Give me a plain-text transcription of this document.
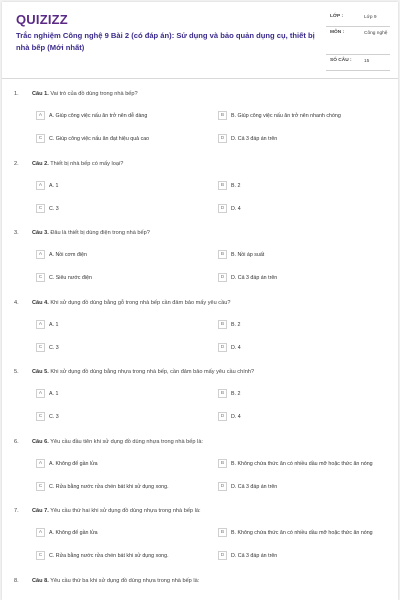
QUIZIZZ
Trắc nghiệm Công nghệ 9 Bài 2 (có đáp án): Sử dụng và bảo quản dụng cụ, thiết bị nhà bếp (Mới nhất)
LỚP :	Lớp 9
MÔN :	Công nghệ
SỐ CÂU :	15
1. Câu 1. Vai trò của đồ dùng trong nhà bếp?
A	A. Giúp công việc nấu ăn trở nên dễ dàng	B	B. Giúp công việc nấu ăn trở nên nhanh chóng
C	C. Giúp công việc nấu ăn đạt hiệu quả cao	D	D. Cả 3 đáp án trên
2. Câu 2. Thiết bị nhà bếp có mấy loại?
A	A. 1	B	B. 2
C	C. 3	D	D. 4
3. Câu 3. Đâu là thiết bị dùng điện trong nhà bếp?
A	A. Nồi cơm điện	B	B. Nồi áp suất
C	C. Siêu nước điện	D	D. Cả 3 đáp án trên
4. Câu 4. Khi sử dụng đồ dùng bằng gỗ trong nhà bếp cần đảm bảo mấy yêu cầu?
A	A. 1	B	B. 2
C	C. 3	D	D. 4
5. Câu 5. Khi sử dụng đồ dùng bằng nhựa trong nhà bếp, cần đảm bảo mấy yêu cầu chính?
A	A. 1	B	B. 2
C	C. 3	D	D. 4
6. Câu 6. Yêu cầu đầu tiên khi sử dụng đồ dùng nhựa trong nhà bếp là:
A	A. Không để gần lửa	B	B. Không chứa thức ăn có nhiều dầu mỡ hoặc thức ăn nóng
C	C. Rửa bằng nước rửa chén bát khi sử dụng xong.	D	D. Cả 3 đáp án trên
7. Câu 7. Yêu cầu thứ hai khi sử dụng đồ dùng nhựa trong nhà bếp là:
A	A. Không để gần lửa	B	B. Không chứa thức ăn có nhiều dầu mỡ hoặc thức ăn nóng
C	C. Rửa bằng nước rửa chén bát khi sử dụng xong.	D	D. Cả 3 đáp án trên
8. Câu 8. Yêu cầu thứ ba khi sử dụng đồ dùng nhựa trong nhà bếp là:
